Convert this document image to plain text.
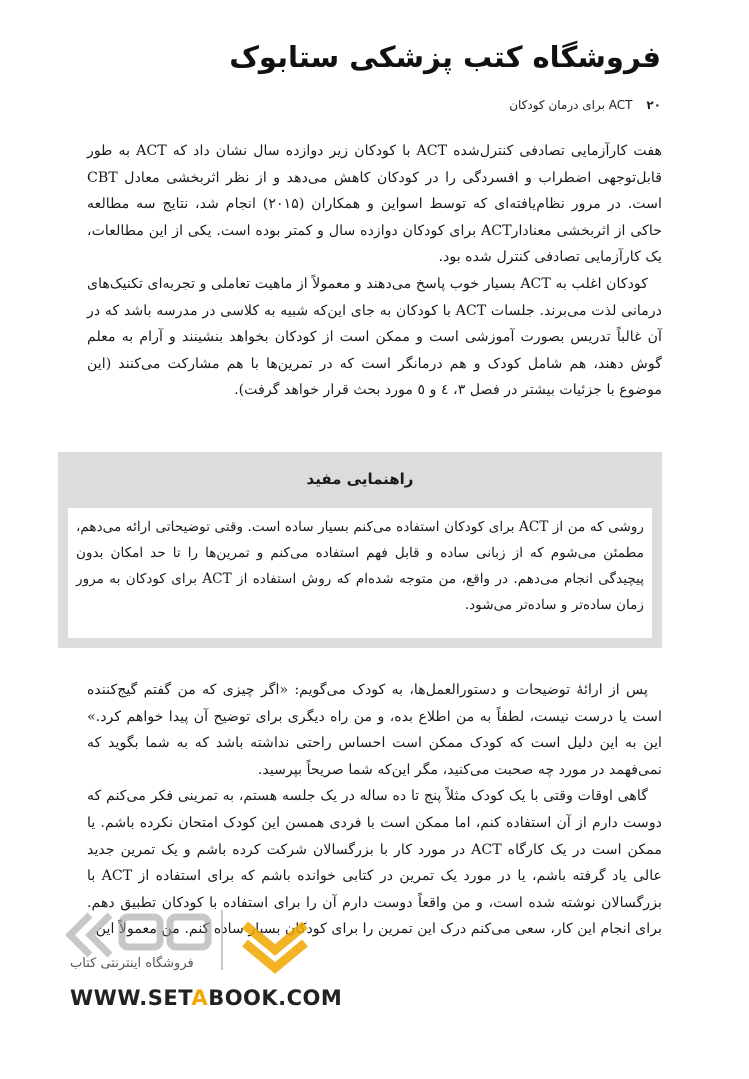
فروشگاه کتب پزشکی ستابوک
۲۰ ACT برای درمان کودکان

هفت کارآزمایی تصادفی کنترل‌شده ACT با کودکان زیر دوازده سال نشان داد که ACT به طور قابل‌توجهی اضطراب و افسردگی را در کودکان کاهش می‌دهد و از نظر اثربخشی معادل CBT است. در مرور نظام‌یافته‌ای که توسط اسواین و همکاران (۲۰۱۵) انجام شد، نتایج سه مطالعه حاکی از اثربخشی معنادارACT برای کودکان دوازده سال و کمتر بوده است. یکی از این مطالعات، یک کارآزمایی تصادفی کنترل شده بود.

کودکان اغلب به ACT بسیار خوب پاسخ می‌دهند و معمولاً از ماهیت تعاملی و تجربه‌ای تکنیک‌های درمانی لذت می‌برند. جلسات ACT با کودکان به جای این‌که شبیه به کلاسی در مدرسه باشد که در آن غالباً تدریس بصورت آموزشی است و ممکن است از کودکان بخواهد بنشینند و آرام به معلم گوش دهند، هم شامل کودک و هم درمانگر است که در تمرین‌ها با هم مشارکت می‌کنند (این موضوع با جزئیات بیشتر در فصل ۳، ٤ و ٥ مورد بحث قرار خواهد گرفت).

راهنمایی مفید
روشی که من از ACT برای کودکان استفاده می‌کنم بسیار ساده است. وقتی توضیحاتی ارائه می‌دهم، مطمئن می‌شوم که از زبانی ساده و قابل فهم استفاده می‌کنم و تمرین‌ها را تا حد امکان بدون پیچیدگی انجام می‌دهم. در واقع، من متوجه شده‌ام که روش استفاده از ACT برای کودکان به مرور زمان ساده‌تر و ساده‌تر می‌شود.

پس از ارائهٔ توضیحات و دستورالعمل‌ها، به کودک می‌گویم: «اگر چیزی که من گفتم گیج‌کننده است یا درست نیست، لطفاً به من اطلاع بده، و من راه دیگری برای توضیح آن پیدا خواهم کرد.» این به این دلیل است که کودک ممکن است احساس راحتی نداشته باشد که به شما بگوید که نمی‌فهمد در مورد چه صحبت می‌کنید، مگر این‌که شما صریحاً بپرسید.

گاهی اوقات وقتی با یک کودک مثلاً پنج تا ده ساله در یک جلسه هستم، به تمرینی فکر می‌کنم که دوست دارم از آن استفاده کنم، اما ممکن است با فردی همسن این کودک امتحان نکرده باشم. یا ممکن است در یک کارگاه ACT در مورد کار با بزرگسالان شرکت کرده باشم و یک تمرین جدید عالی یاد گرفته باشم، یا در مورد یک تمرین در کتابی خوانده باشم که برای استفاده از ACT با بزرگسالان نوشته شده است، و من واقعاً دوست دارم آن را برای استفاده با کودکان تطبیق دهم. برای انجام این کار، سعی می‌کنم درک این تمرین را برای کودکان بسیار ساده کنم. من معمولاً این

فروشگاه اینترنتی کتاب
WWW.SETABOOK.COM
